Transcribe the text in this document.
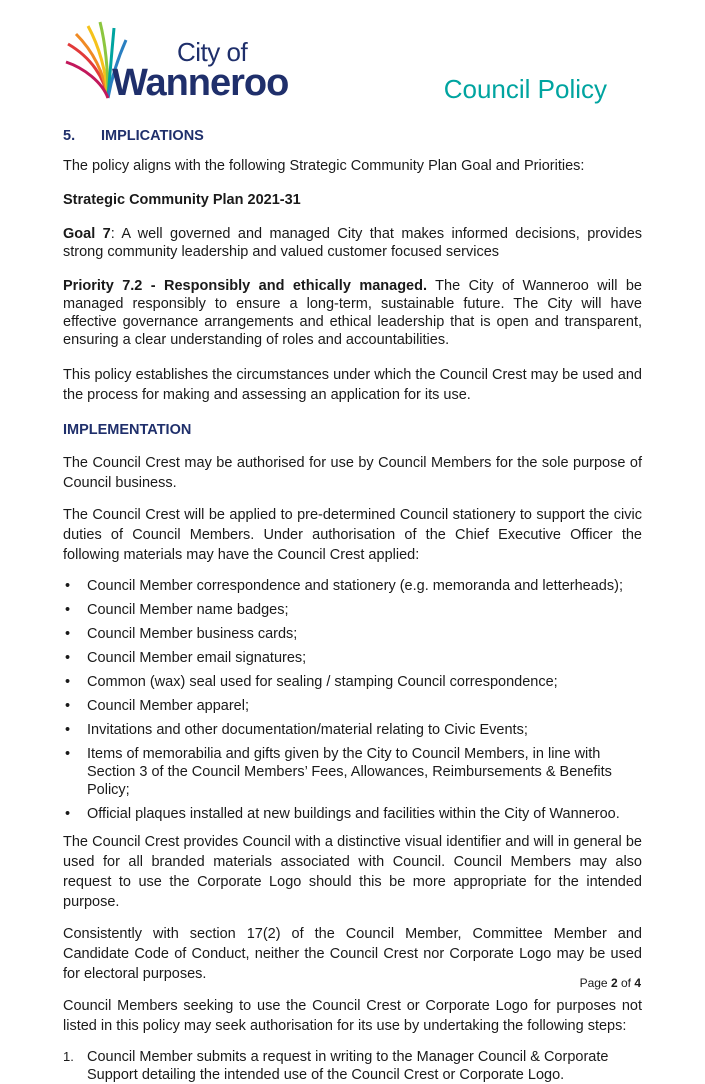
City of
Wanneroo	Council Policy
5. IMPLICATIONS

The policy aligns with the following Strategic Community Plan Goal and Priorities:

Strategic Community Plan 2021-31

Goal 7: A well governed and managed City that makes informed decisions, provides strong community leadership and valued customer focused services

Priority 7.2 - Responsibly and ethically managed. The City of Wanneroo will be managed responsibly to ensure a long-term, sustainable future. The City will have effective governance arrangements and ethical leadership that is open and transparent, ensuring a clear understanding of roles and accountabilities.

This policy establishes the circumstances under which the Council Crest may be used and the process for making and assessing an application for its use.

IMPLEMENTATION

The Council Crest may be authorised for use by Council Members for the sole purpose of Council business.

The Council Crest will be applied to pre-determined Council stationery to support the civic duties of Council Members. Under authorisation of the Chief Executive Officer the following materials may have the Council Crest applied:

• Council Member correspondence and stationery (e.g. memoranda and letterheads);
• Council Member name badges;
• Council Member business cards;
• Council Member email signatures;
• Common (wax) seal used for sealing / stamping Council correspondence;
• Council Member apparel;
• Invitations and other documentation/material relating to Civic Events;
• Items of memorabilia and gifts given by the City to Council Members, in line with Section 3 of the Council Members’ Fees, Allowances, Reimbursements & Benefits Policy;
• Official plaques installed at new buildings and facilities within the City of Wanneroo.

The Council Crest provides Council with a distinctive visual identifier and will in general be used for all branded materials associated with Council. Council Members may also request to use the Corporate Logo should this be more appropriate for the intended purpose.

Consistently with section 17(2) of the Council Member, Committee Member and Candidate Code of Conduct, neither the Council Crest nor Corporate Logo may be used for electoral purposes.

Council Members seeking to use the Council Crest or Corporate Logo for purposes not listed in this policy may seek authorisation for its use by undertaking the following steps:

1. Council Member submits a request in writing to the Manager Council & Corporate Support detailing the intended use of the Council Crest or Corporate Logo.
Page 2 of 4
